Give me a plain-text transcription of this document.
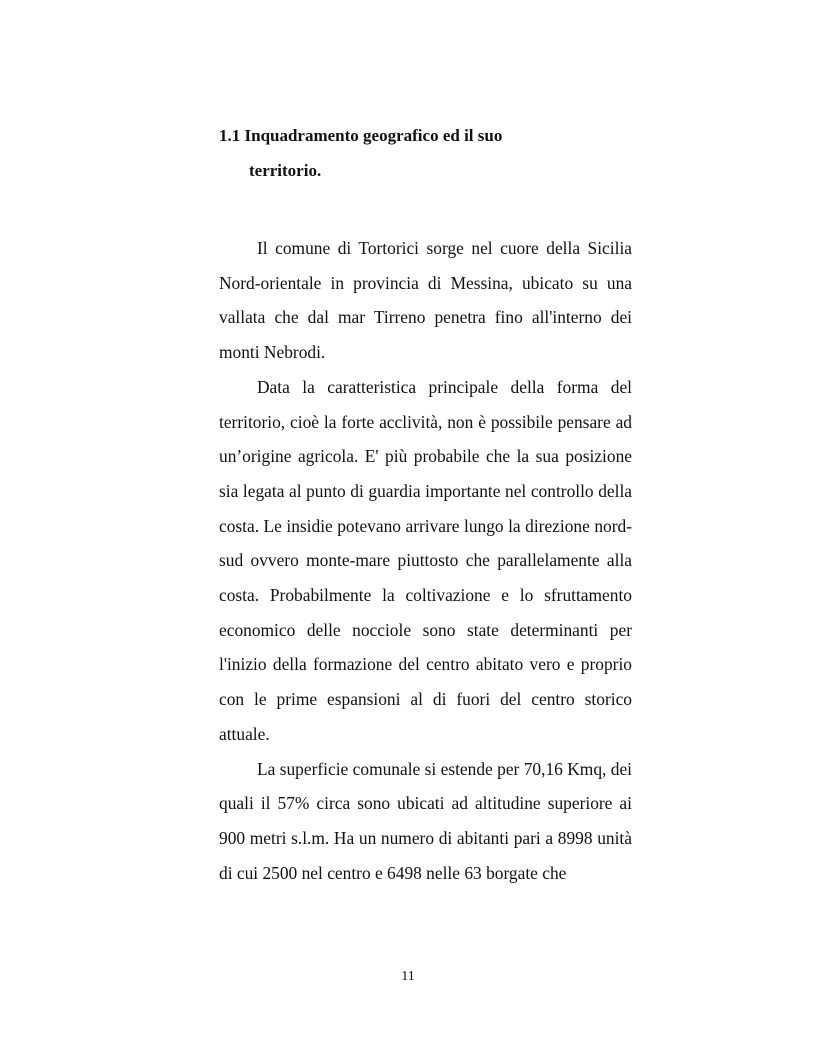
1.1 Inquadramento geografico ed il suo
territorio.

Il comune di Tortorici sorge nel cuore della Sicilia Nord-orientale in provincia di Messina, ubicato su una vallata che dal mar Tirreno penetra fino all'interno dei monti Nebrodi.

Data la caratteristica principale della forma del territorio, cioè la forte acclività, non è possibile pensare ad un’origine agricola. E' più probabile che la sua posizione sia legata al punto di guardia importante nel controllo della costa. Le insidie potevano arrivare lungo la direzione nord-sud ovvero monte-mare piuttosto che parallelamente alla costa. Probabilmente la coltivazione e lo sfruttamento economico delle nocciole sono state determinanti per l'inizio della formazione del centro abitato vero e proprio con le prime espansioni al di fuori del centro storico attuale.

La superficie comunale si estende per 70,16 Kmq, dei quali il 57% circa sono ubicati ad altitudine superiore ai 900 metri s.l.m. Ha un numero di abitanti pari a 8998 unità di cui 2500 nel centro e 6498 nelle 63 borgate che

11
